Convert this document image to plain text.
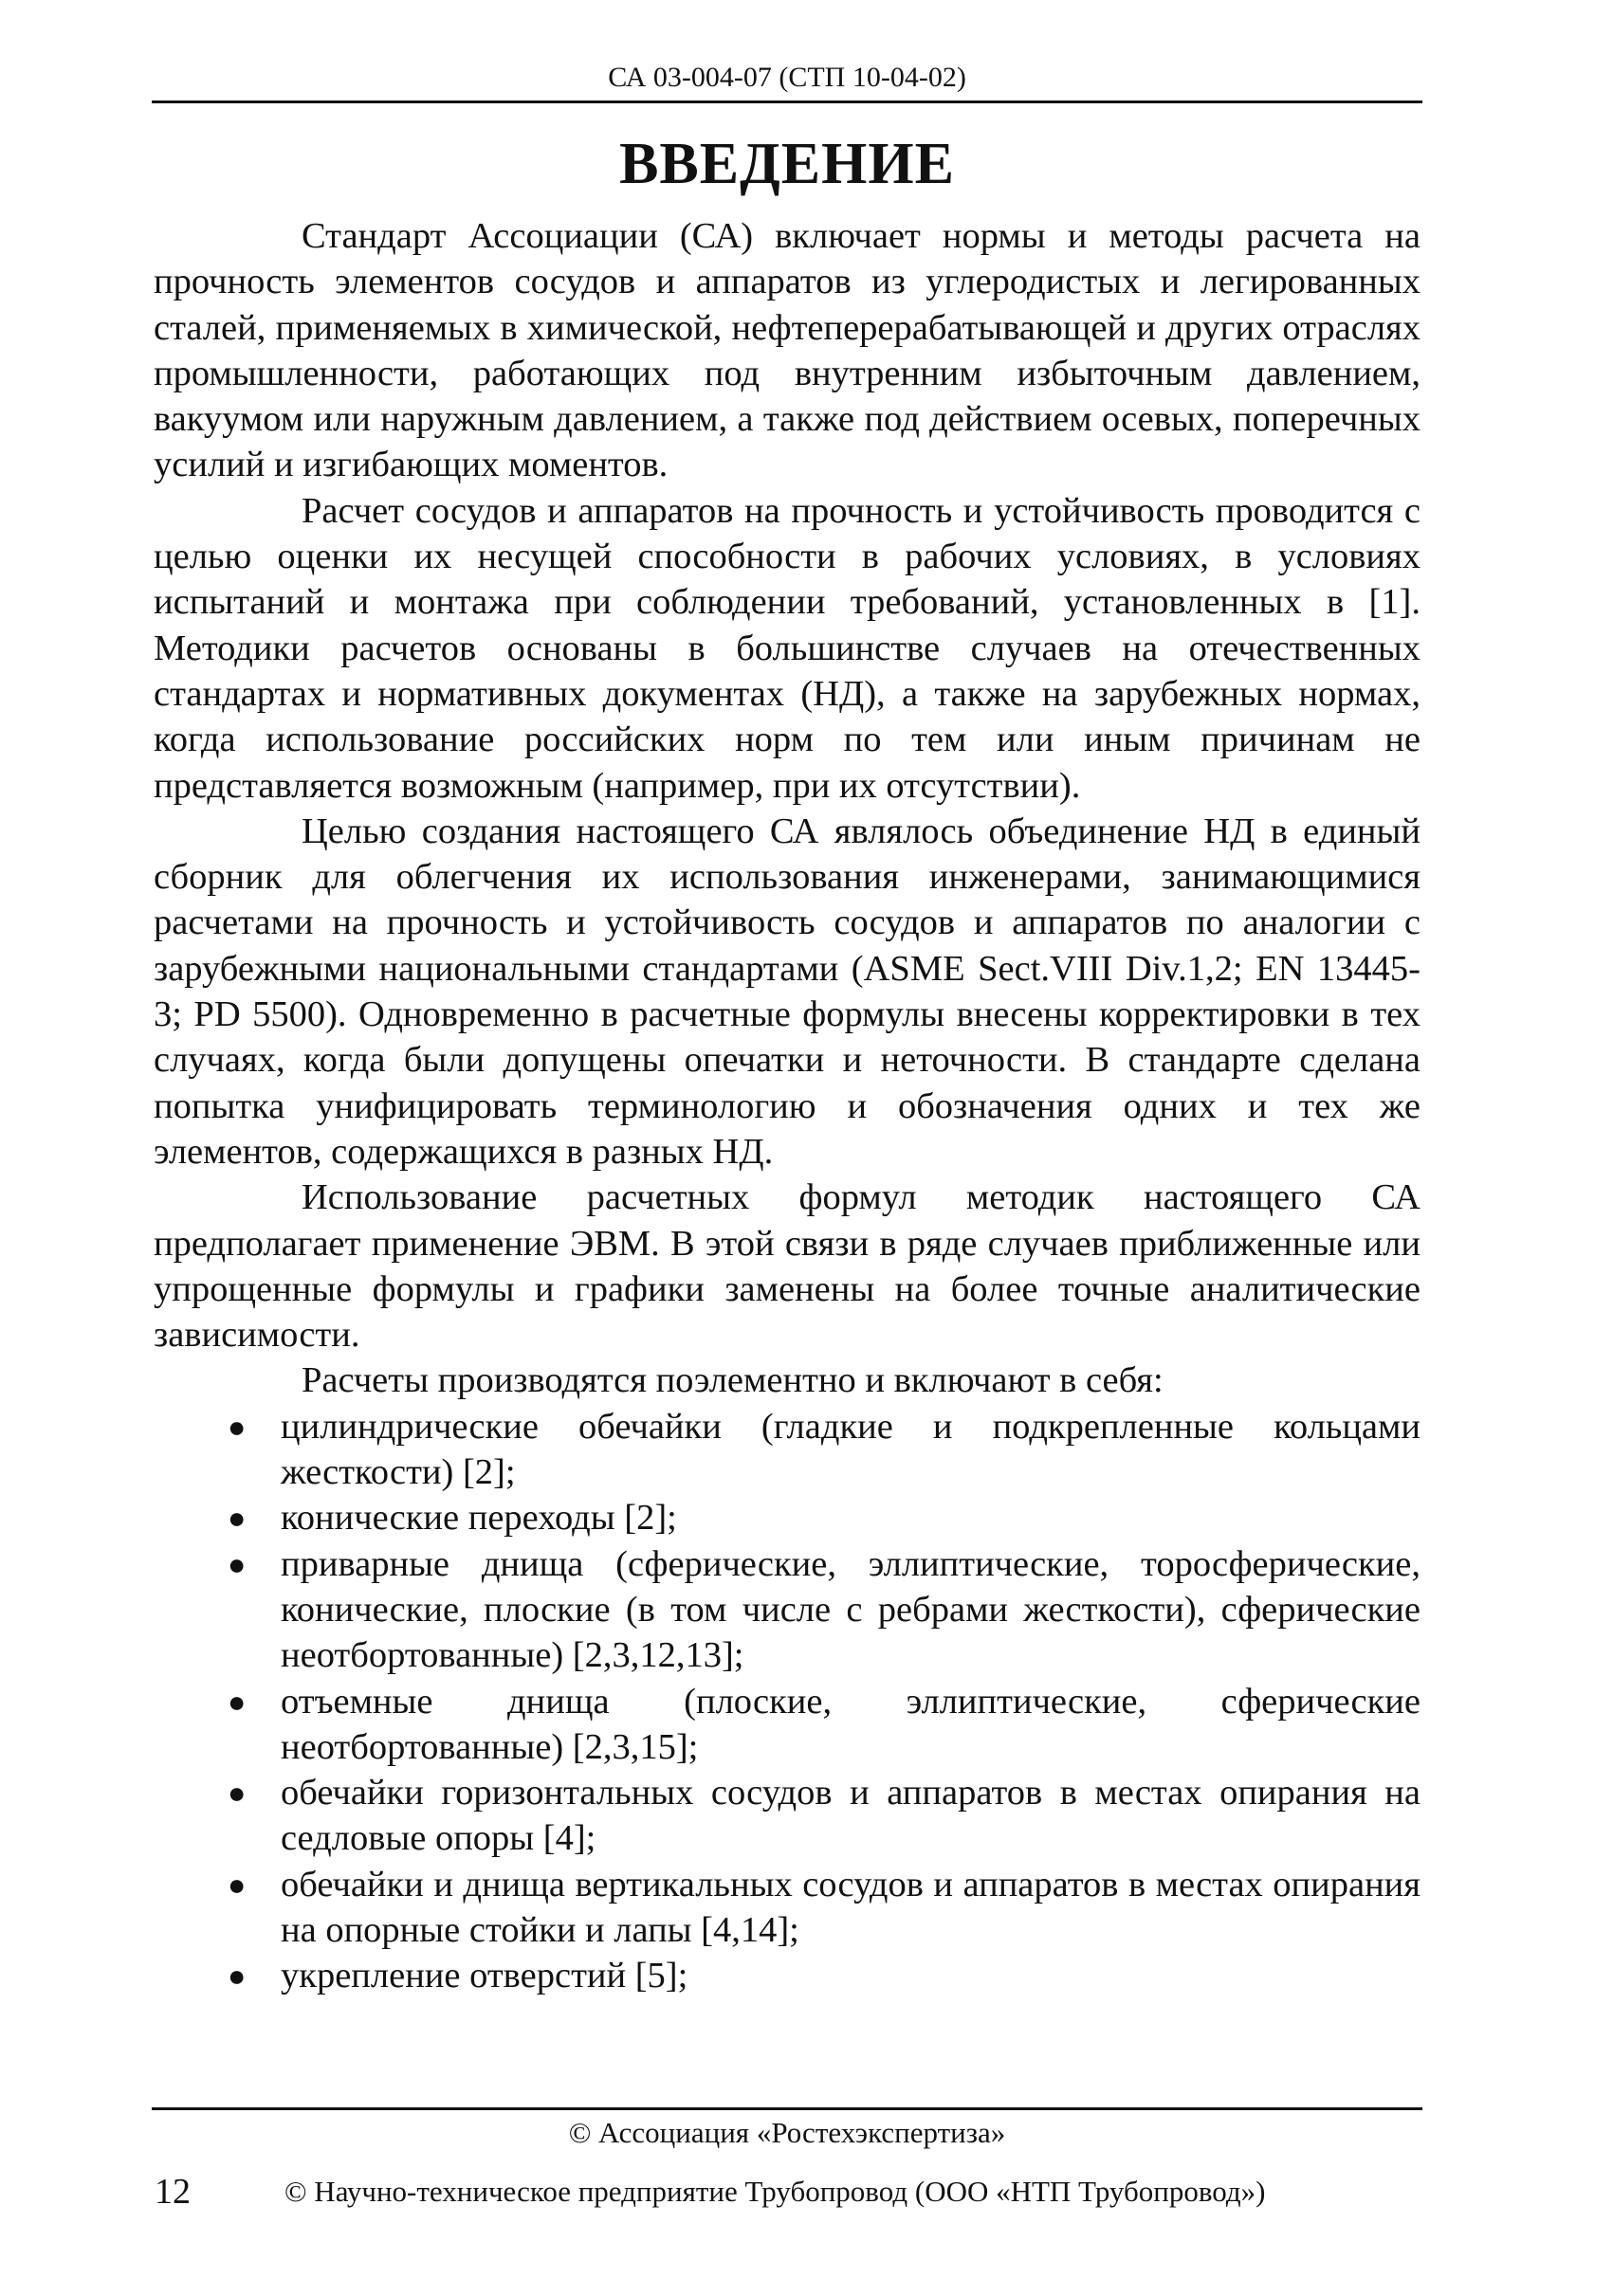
СА 03-004-07 (СТП 10-04-02)
ВВЕДЕНИЕ

Стандарт Ассоциации (СА) включает нормы и методы расчета на прочность элементов сосудов и аппаратов из углеродистых и легированных сталей, применяемых в химической, нефтеперерабатывающей и других отраслях промышленности, работающих под внутренним избыточным давлением, вакуумом или наружным давлением, а также под действием осевых, поперечных усилий и изгибающих моментов.

Расчет сосудов и аппаратов на прочность и устойчивость проводится с целью оценки их несущей способности в рабочих условиях, в условиях испытаний и монтажа при соблюдении требований, установленных в [1]. Методики расчетов основаны в большинстве случаев на отечественных стандартах и нормативных документах (НД), а также на зарубежных нормах, когда использование российских норм по тем или иным причинам не представляется возможным (например, при их отсутствии).

Целью создания настоящего СА являлось объединение НД в единый сборник для облегчения их использования инженерами, занимающимися расчетами на прочность и устойчивость сосудов и аппаратов по аналогии с зарубежными национальными стандартами (ASME Sect.VIII Div.1,2; EN 13445-3; PD 5500). Одновременно в расчетные формулы внесены корректировки в тех случаях, когда были допущены опечатки и неточности. В стандарте сделана попытка унифицировать терминологию и обозначения одних и тех же элементов, содержащихся в разных НД.

Использование расчетных формул методик настоящего СА предполагает применение ЭВМ. В этой связи в ряде случаев приближенные или упрощенные формулы и графики заменены на более точные аналитические зависимости.

Расчеты производятся поэлементно и включают в себя:

● цилиндрические обечайки (гладкие и подкрепленные кольцами жесткости) [2];
● конические переходы [2];
● приварные днища (сферические, эллиптические, торосферические, конические, плоские (в том числе с ребрами жесткости), сферические неотбортованные) [2,3,12,13];
● отъемные днища (плоские, эллиптические, сферические неотбортованные) [2,3,15];
● обечайки горизонтальных сосудов и аппаратов в местах опирания на седловые опоры [4];
● обечайки и днища вертикальных сосудов и аппаратов в местах опирания на опорные стойки и лапы [4,14];
● укрепление отверстий [5];
© Ассоциация «Ростехэкспертиза»
12	© Научно-техническое предприятие Трубопровод (ООО «НТП Трубопровод»)
